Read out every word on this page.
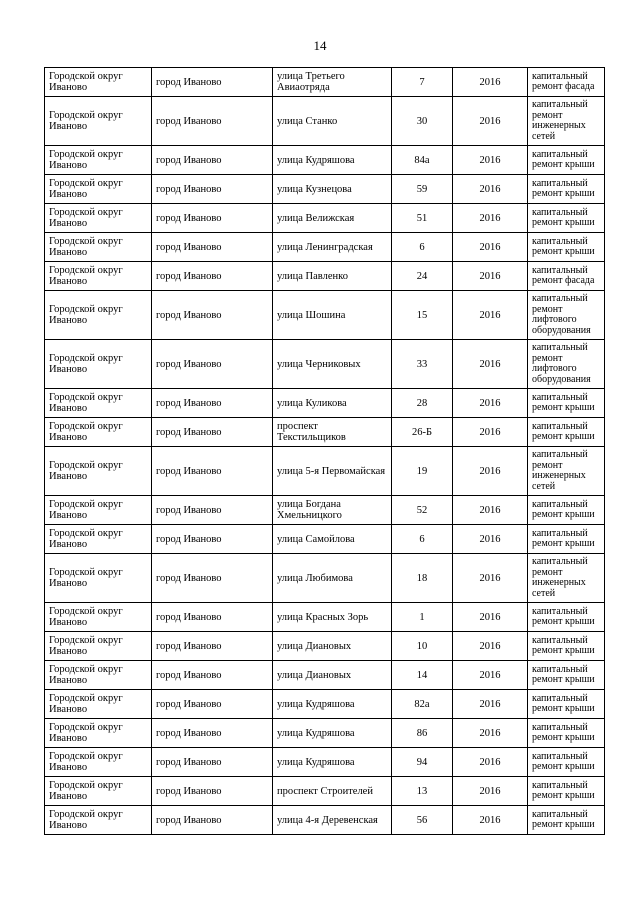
14
Городской округ Иваново	город Иваново	улица Третьего Авиаотряда	7	2016	капитальный ремонт фасада
Городской округ Иваново	город Иваново	улица Станко	30	2016	капитальный ремонт инженерных сетей
Городской округ Иваново	город Иваново	улица Кудряшова	84а	2016	капитальный ремонт крыши
Городской округ Иваново	город Иваново	улица Кузнецова	59	2016	капитальный ремонт крыши
Городской округ Иваново	город Иваново	улица Велижская	51	2016	капитальный ремонт крыши
Городской округ Иваново	город Иваново	улица Ленинградская	6	2016	капитальный ремонт крыши
Городской округ Иваново	город Иваново	улица Павленко	24	2016	капитальный ремонт фасада
Городской округ Иваново	город Иваново	улица Шошина	15	2016	капитальный ремонт лифтового оборудования
Городской округ Иваново	город Иваново	улица Черниковых	33	2016	капитальный ремонт лифтового оборудования
Городской округ Иваново	город Иваново	улица Куликова	28	2016	капитальный ремонт крыши
Городской округ Иваново	город Иваново	проспект Текстильщиков	26-Б	2016	капитальный ремонт крыши
Городской округ Иваново	город Иваново	улица 5-я Первомайская	19	2016	капитальный ремонт инженерных сетей
Городской округ Иваново	город Иваново	улица Богдана Хмельницкого	52	2016	капитальный ремонт крыши
Городской округ Иваново	город Иваново	улица Самойлова	6	2016	капитальный ремонт крыши
Городской округ Иваново	город Иваново	улица Любимова	18	2016	капитальный ремонт инженерных сетей
Городской округ Иваново	город Иваново	улица Красных Зорь	1	2016	капитальный ремонт крыши
Городской округ Иваново	город Иваново	улица Диановых	10	2016	капитальный ремонт крыши
Городской округ Иваново	город Иваново	улица Диановых	14	2016	капитальный ремонт крыши
Городской округ Иваново	город Иваново	улица Кудряшова	82а	2016	капитальный ремонт крыши
Городской округ Иваново	город Иваново	улица Кудряшова	86	2016	капитальный ремонт крыши
Городской округ Иваново	город Иваново	улица Кудряшова	94	2016	капитальный ремонт крыши
Городской округ Иваново	город Иваново	проспект Строителей	13	2016	капитальный ремонт крыши
Городской округ Иваново	город Иваново	улица 4-я Деревенская	56	2016	капитальный ремонт крыши
